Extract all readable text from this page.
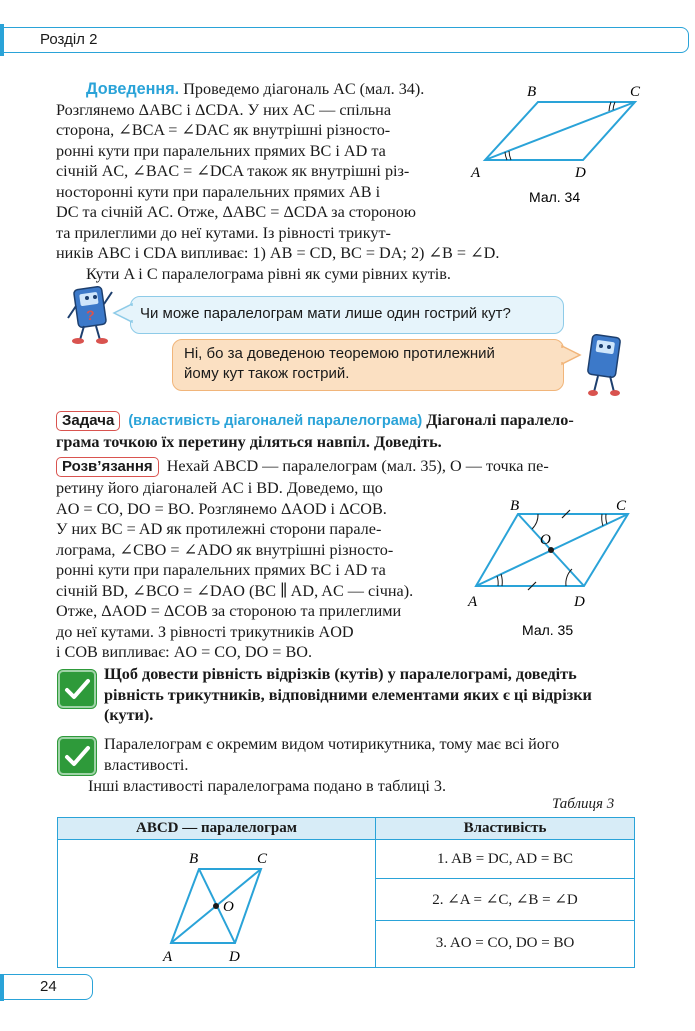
Розділ 2
Доведення. Проведемо діагональ AC (мал. 34).
Розглянемо ΔABC і ΔCDA. У них AC — спільна
сторона, ∠BCA = ∠DAC як внутрішні різносто-
ронні кути при паралельних прямих BC і AD та
січній AC, ∠BAC = ∠DCA також як внутрішні різ-
носторонні кути при паралельних прямих AB і
DC та січній AC. Отже, ΔABC = ΔCDA за стороною
та прилеглими до неї кутами. Із рівності трикут-
ників ABC і CDA випливає: 1) AB = CD, BC = DA; 2) ∠B = ∠D.
Кути A і C паралелограма рівні як суми рівних кутів.
B	C
A	D
Мал. 34
?	Чи може паралелограм мати лише один гострий кут?
Ні, бо за доведеною теоремою протилежний
йому кут також гострий.
Задача (властивість діагоналей паралелограма) Діагоналі паралело-
грама точкою їх перетину діляться навпіл. Доведіть.
Розв’язання Нехай ABCD — паралелограм (мал. 35), O — точка пе-
ретину його діагоналей AC і BD. Доведемо, що
AO = CO, DO = BO. Розглянемо ΔAOD і ΔCOB.
У них BC = AD як протилежні сторони парале-
лограма, ∠CBO = ∠ADO як внутрішні різносто-
ронні кути при паралельних прямих BC і AD та
січній BD, ∠BCO = ∠DAO (BC ∥ AD, AC — січна).
Отже, ΔAOD = ΔCOB за стороною та прилеглими
до неї кутами. З рівності трикутників AOD
і COB випливає: AO = CO, DO = BO.
B	C
O
A	D
Мал. 35
Щоб довести рівність відрізків (кутів) у паралелограмі, доведіть
рівність трикутників, відповідними елементами яких є ці відрізки
(кути).
Паралелограм є окремим видом чотирикутника, тому має всі його
властивості.
Інші властивості паралелограма подано в таблиці 3.
Таблиця 3
ABCD — паралелограм	Властивість

B C
O
A D	1. AB = DC, AD = BC
	2. ∠A = ∠C, ∠B = ∠D
	3. AO = CO, DO = BO
24
